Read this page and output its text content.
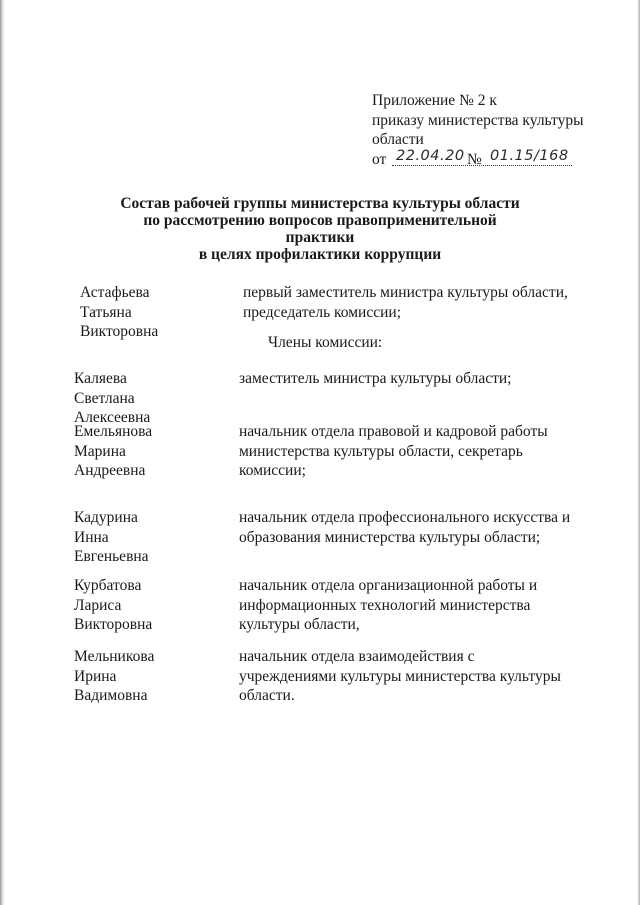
Приложение № 2 к
приказу министерства культуры
области
от 22.04.20 № 01.15/168
Состав рабочей группы министерства культуры области
по рассмотрению вопросов правоприменительной практики
в целях профилактики коррупции
Астафьева
Татьяна Викторовна
первый заместитель министра культуры области,
председатель комиссии;
Члены комиссии:
Каляева
Светлана Алексеевна
заместитель министра культуры области;
Емельянова
Марина Андреевна
начальник отдела правовой и кадровой работы
министерства культуры области, секретарь
комиссии;
Кадурина
Инна Евгеньевна
начальник отдела профессионального искусства и
образования министерства культуры области;
Курбатова
Лариса Викторовна
начальник отдела организационной работы и
информационных технологий министерства
культуры области,
Мельникова
Ирина Вадимовна
начальник отдела взаимодействия с
учреждениями культуры министерства культуры
области.
